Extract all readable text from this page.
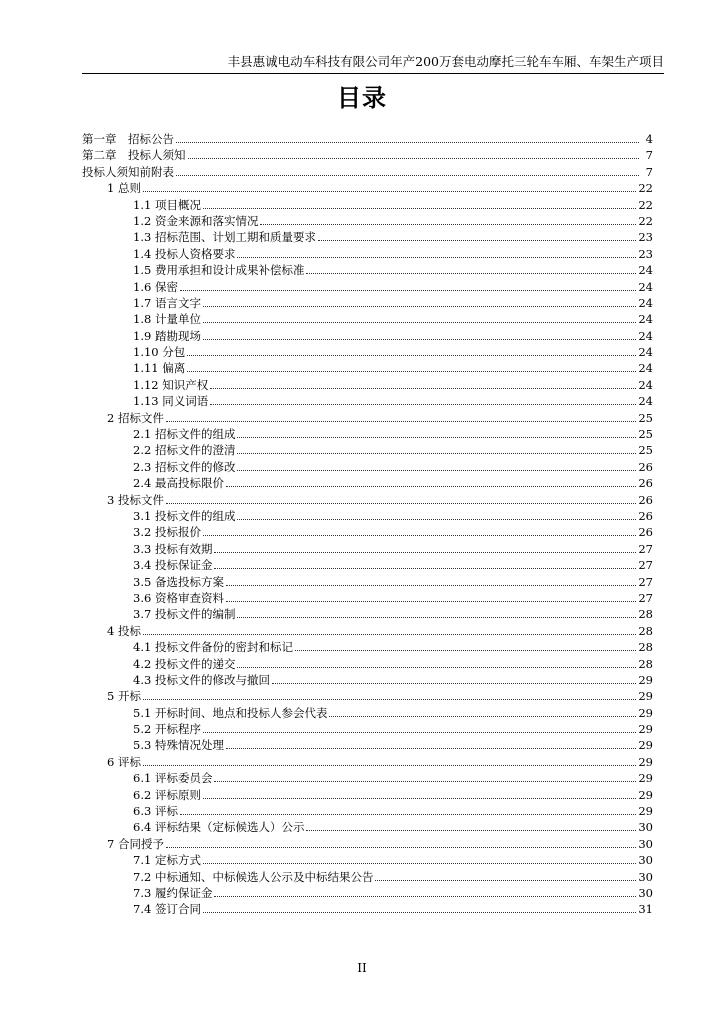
丰县惠诚电动车科技有限公司年产200万套电动摩托三轮车车厢、车架生产项目
目录
第一章　招标公告	4
第二章　投标人须知	7
投标人须知前附表	7
1 总则	22
1.1 项目概况	22
1.2 资金来源和落实情况	22
1.3 招标范围、计划工期和质量要求	23
1.4 投标人资格要求	23
1.5 费用承担和设计成果补偿标准	24
1.6 保密	24
1.7 语言文字	24
1.8 计量单位	24
1.9 踏勘现场	24
1.10 分包	24
1.11 偏离	24
1.12 知识产权	24
1.13 同义词语	24
2 招标文件	25
2.1 招标文件的组成	25
2.2 招标文件的澄清	25
2.3 招标文件的修改	26
2.4 最高投标限价	26
3 投标文件	26
3.1 投标文件的组成	26
3.2 投标报价	26
3.3 投标有效期	27
3.4 投标保证金	27
3.5 备选投标方案	27
3.6 资格审查资料	27
3.7 投标文件的编制	28
4 投标	28
4.1 投标文件备份的密封和标记	28
4.2 投标文件的递交	28
4.3 投标文件的修改与撤回	29
5 开标	29
5.1 开标时间、地点和投标人参会代表	29
5.2 开标程序	29
5.3 特殊情况处理	29
6 评标	29
6.1 评标委员会	29
6.2 评标原则	29
6.3 评标	29
6.4 评标结果（定标候选人）公示	30
7 合同授予	30
7.1 定标方式	30
7.2 中标通知、中标候选人公示及中标结果公告	30
7.3 履约保证金	30
7.4 签订合同	31
II
